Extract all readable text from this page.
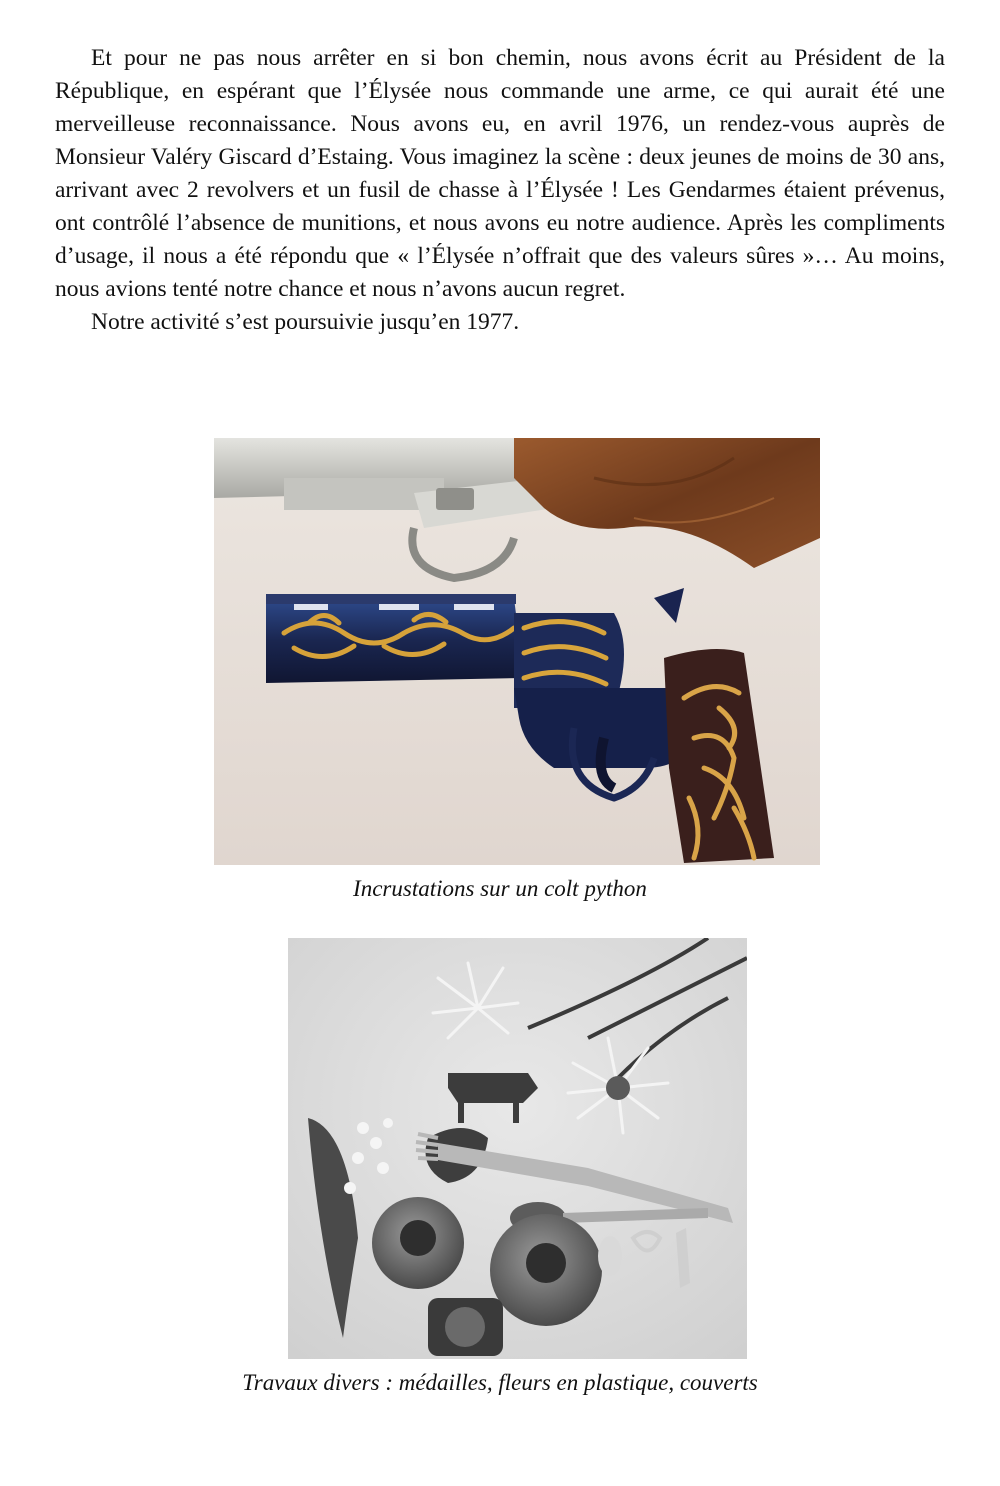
Et pour ne pas nous arrêter en si bon chemin, nous avons écrit au Président de la République, en espérant que l’Élysée nous commande une arme, ce qui aurait été une merveilleuse reconnaissance. Nous avons eu, en avril 1976, un rendez-vous auprès de Monsieur Valéry Giscard d’Estaing. Vous imaginez la scène : deux jeunes de moins de 30 ans, arrivant avec 2 revolvers et un fusil de chasse à l’Élysée ! Les Gendarmes étaient prévenus, ont contrôlé l’absence de munitions, et nous avons eu notre audience. Après les compliments d’usage, il nous a été répondu que « l’Élysée n’offrait que des valeurs sûres »… Au moins, nous avions tenté notre chance et nous n’avons aucun regret.

Notre activité s’est poursuivie jusqu’en 1977.

Incrustations sur un colt python
Travaux divers : médailles, fleurs en plastique, couverts
